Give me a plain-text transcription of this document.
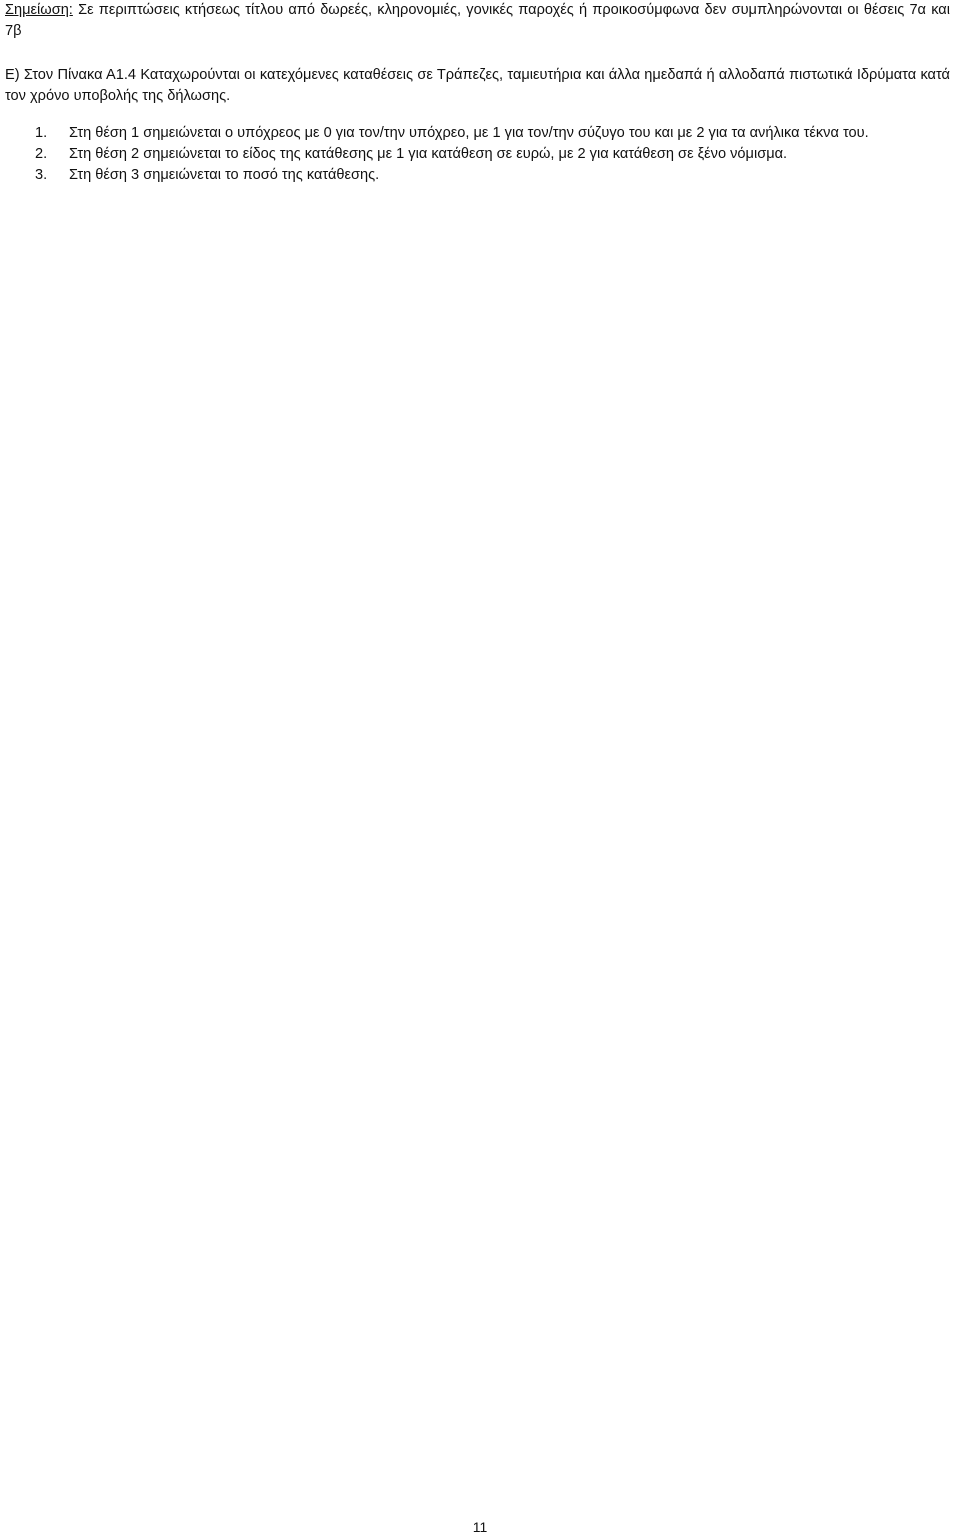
Σημείωση: Σε περιπτώσεις κτήσεως τίτλου από δωρεές, κληρονομιές, γονικές παροχές ή προικοσύμφωνα δεν συμπληρώνονται οι θέσεις 7α και 7β

Ε) Στον Πίνακα Α1.4 Καταχωρούνται οι κατεχόμενες καταθέσεις σε Τράπεζες, ταμιευτήρια και άλλα ημεδαπά ή αλλοδαπά πιστωτικά Ιδρύματα κατά τον χρόνο υποβολής της δήλωσης.

1. Στη θέση 1 σημειώνεται ο υπόχρεος με 0 για τον/την υπόχρεο, με 1 για τον/την σύζυγο του και με 2 για τα ανήλικα τέκνα του.
2. Στη θέση 2 σημειώνεται το είδος της κατάθεσης με 1 για κατάθεση σε ευρώ, με 2 για κατάθεση σε ξένο νόμισμα.
3. Στη θέση 3 σημειώνεται το ποσό της κατάθεσης.
11
